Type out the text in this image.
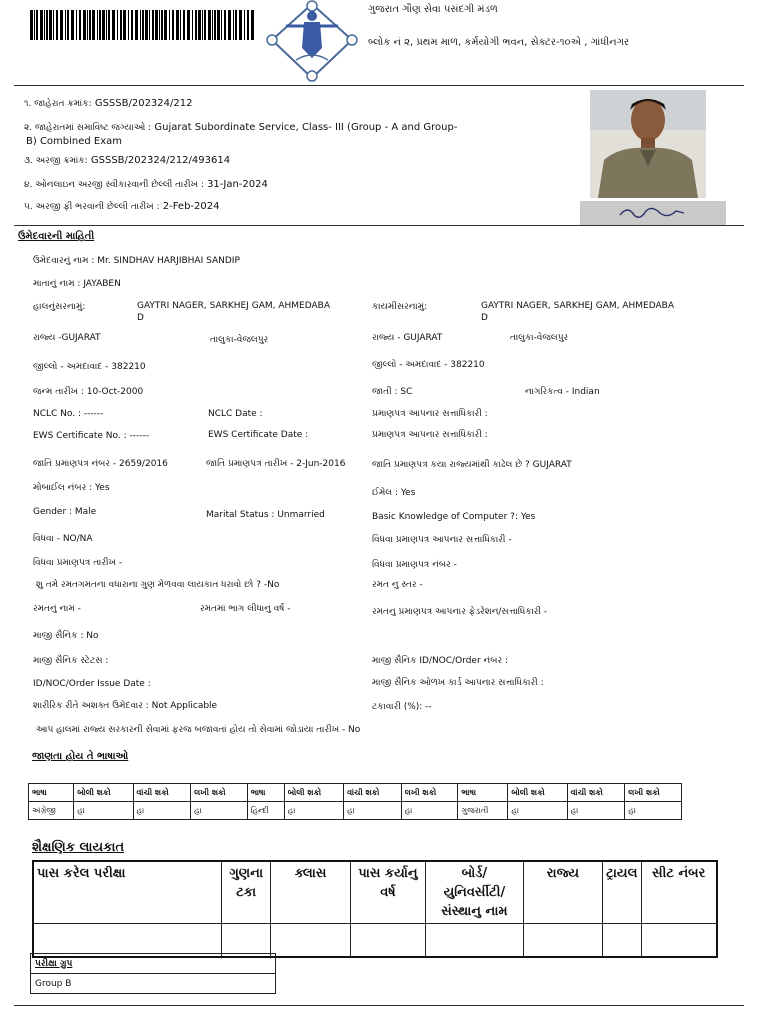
ગુજરાત ગૌણ સેવા પસંદગી મંડળ
બ્લોક નં ૨, પ્રથમ માળ, કર્મયોગી ભવન, સેક્ટર-૧૦એ , ગાંધીનગર
૧. જાહેરાત ક્રમાંક: GSSSB/202324/212
૨. જાહેરાતમાં સમાવિષ્ટ જગ્યાઓ : Gujarat Subordinate Service, Class- III (Group - A and Group-
B) Combined Exam
૩. અરજી ક્રમાંક: GSSSB/202324/212/493614
૪. ઓનલાઇન અરજી સ્વીકારવાની છેલ્લી તારીખ : 31-Jan-2024
૫. અરજી ફી ભરવાની છેલ્લી તારીખ : 2-Feb-2024
ઉમેદવારની માહિતી
ઉમેદવારનું નામ : Mr. SINDHAV HARJIBHAI SANDIP
માતાનું નામ : JAYABEN
હાલનુંસરનામું:	GAYTRI NAGER, SARKHEJ GAM, AHMEDABA
D
કાયમીસરનામું:	GAYTRI NAGER, SARKHEJ GAM, AHMEDABA
D
રાજ્ય -GUJARAT	તાલુકા-વેજલપુર	રાજ્ય - GUJARAT	તાલુકા-વેજલપુર
જીલ્લો - અમદાવાદ - 382210	જીલ્લો - અમદાવાદ - 382210
જન્મ તારીખ : 10-Oct-2000	જાતી : SC	નાગરિકત્વ - Indian
NCLC No. : ------	NCLC Date :	પ્રમાણપત્ર આપનાર સત્તાધિકારી :
EWS Certificate No. : ------	EWS Certificate Date :	પ્રમાણપત્ર આપનાર સત્તાધિકારી :
જાતિ પ્રમાણપત્ર નંબર - 2659/2016	જાતિ પ્રમાણપત્ર તારીખ - 2-Jun-2016	જાતિ પ્રમાણપત્ર કયા રાજ્યમાંથી કાઢેલ છે ? GUJARAT
મોબાઈલ નંબર : Yes	ઈમેલ : Yes
Gender : Male	Marital Status : Unmarried	Basic Knowledge of Computer ?: Yes
વિધવા - NO/NA	વિધવા પ્રમાણપત્ર આપનાર સત્તાધિકારી -
વિધવા પ્રમાણપત્ર તારીખ -	વિધવા પ્રમાણપત્ર નંબર -
શુ તમે રમતગમતના વધારાના ગુણ મેળવવા લાયકાત ધરાવો છો ? -No	રમત નુ સ્તર -
રમતનું નામ -	રમતમાં ભાગ લીધાનુ વર્ષ -	રમતનુ પ્રમાણપત્ર આપનાર ફેડરેશન/સત્તાધિકારી -
માજી સૈનિક : No
માજી સૈનિક સ્ટેટસ :	માજી સૈનિક ID/NOC/Order નંબર :
ID/NOC/Order Issue Date :	માજી સૈનિક ઓળખ કાર્ડ આપનાર સત્તાધિકારી :
શારીરિક રીતે અશક્ત ઉમેદવાર : Not Applicable	ટકાવારી (%): --
આપ હાલમાં રાજ્ય સરકારની સેવામાં ફરજ બજાવતાં હોય તો સેવામાં જોડાયા તારીખ - No
જાણતા હોય તે ભાષાઓ
ભાષા	બોલી શકો	વાંચી શકો	લખી શકો	ભાષા	બોલી શકો	વાંચી શકો	લખી શકો	ભાષા	બોલી શકો	વાંચી શકો	લખી શકો
અંગ્રેજી	હા	હા	હા	હિન્દી	હા	હા	હા	ગુજરાતી	હા	હા	હા
શૈક્ષણિક લાયકાત
પાસ કરેલ પરીક્ષા	ગુણના ટકા	ક્લાસ	પાસ કર્યાનુ વર્ષ	બોર્ડ/ યુનિવર્સીટી/ સંસ્થાનુ નામ	રાજ્ય	ટ્રાયલ	સીટ નંબર

પરીક્ષા ગ્રુપ
Group B
